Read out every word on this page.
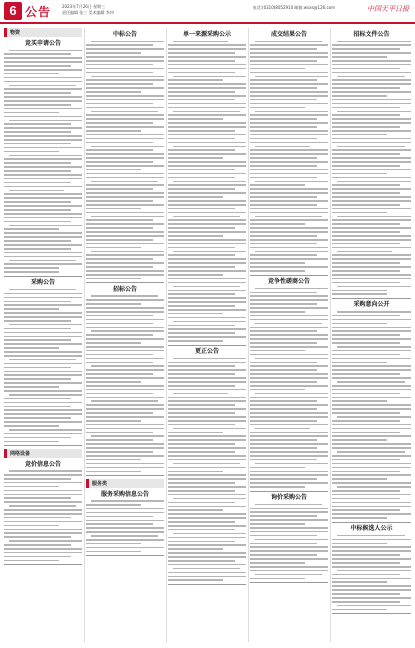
6 公告	2023年7月26日 星期三
责任编辑 张三 美术编辑 李四
电话:(0310)8052910 邮箱:wsxs@126.com	中国天平日报
物资
竞买申请公告
采购公告
网络设备
竞价信息公告
中标公告
招标公告
服务类
服务采购信息公告
单一来源采购公示
更正公告
成交结果公告
竞争性磋商公告
询价采购公告
招标文件公告
采购意向公开
中标候选人公示
